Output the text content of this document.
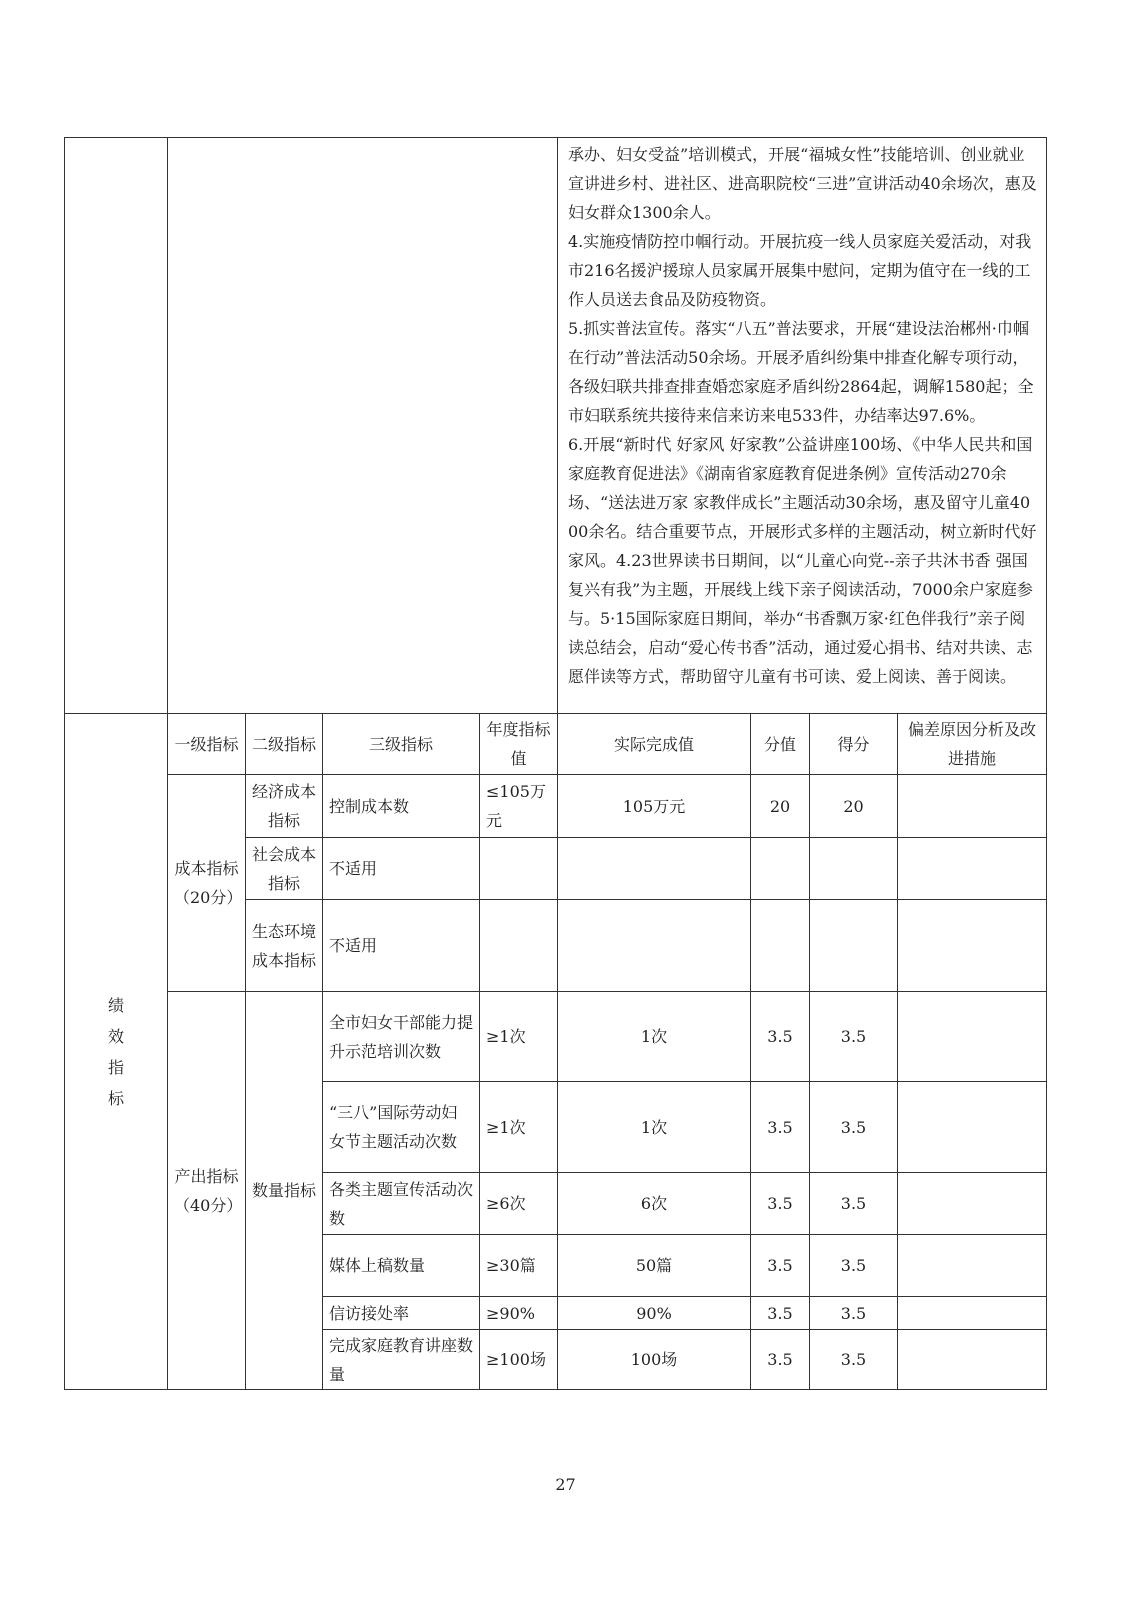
					承办、妇女受益”培训模式，开展“福城女性”技能培训、创业就业宣讲进乡村、进社区、进高职院校“三进”宣讲活动40余场次，惠及妇女群众1300余人。

4.实施疫情防控巾帼行动。开展抗疫一线人员家庭关爱活动，对我市216名援沪援琼人员家属开展集中慰问，定期为值守在一线的工作人员送去食品及防疫物资。

5.抓实普法宣传。落实“八五”普法要求，开展“建设法治郴州·巾帼在行动”普法活动50余场。开展矛盾纠纷集中排查化解专项行动，各级妇联共排查排查婚恋家庭矛盾纠纷2864起，调解1580起；全市妇联系统共接待来信来访来电533件，办结率达97.6%。

6.开展“新时代 好家风 好家教”公益讲座100场、《中华人民共和国家庭教育促进法》《湖南省家庭教育促进条例》宣传活动270余场、“送法进万家 家教伴成长”主题活动30余场，惠及留守儿童4000余名。结合重要节点，开展形式多样的主题活动，树立新时代好家风。4.23世界读书日期间，以“儿童心向党--亲子共沐书香 强国复兴有我”为主题，开展线上线下亲子阅读活动，7000余户家庭参与。5·15国际家庭日期间，举办“书香飘万家·红色伴我行”亲子阅读总结会，启动“爱心传书香”活动，通过爱心捐书、结对共读、志愿伴读等方式，帮助留守儿童有书可读、爱上阅读、善于阅读。			

绩效指标	一级指标	二级指标	三级指标	年度指标值	实际完成值	分值	得分	偏差原因分析及改进措施
	成本指标（20分）	经济成本指标	控制成本数	≤105万元	105万元	20	20	
		社会成本指标	不适用					
		生态环境成本指标	不适用					
	产出指标（40分）	数量指标	全市妇女干部能力提升示范培训次数	≥1次	1次	3.5	3.5	
			“三八”国际劳动妇女节主题活动次数	≥1次	1次	3.5	3.5	
			各类主题宣传活动次数	≥6次	6次	3.5	3.5	
			媒体上稿数量	≥30篇	50篇	3.5	3.5	
			信访接处率	≥90%	90%	3.5	3.5	
			完成家庭教育讲座数量	≥100场	100场	3.5	3.5	
27
